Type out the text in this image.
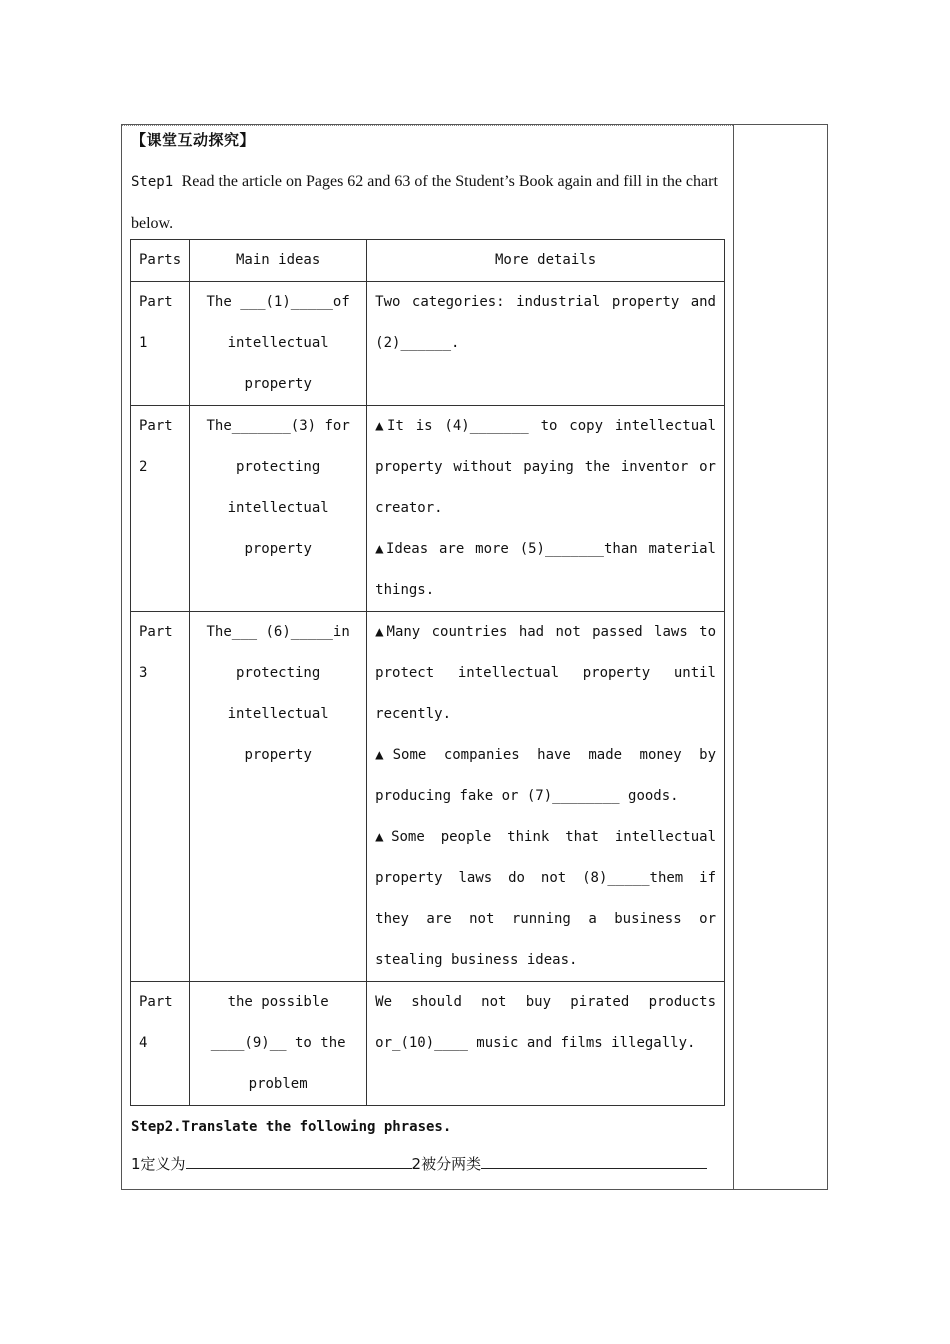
【课堂互动探究】
Step1 Read the article on Pages 62 and 63 of the Student’s Book again and fill in the chart below.
Parts	Main ideas	More details
Part 1	The ___(1)_____of intellectual property	Two categories: industrial property and (2)______.

Part 2	The_______(3) for protecting intellectual property	▲It is (4)_______ to copy intellectual property without paying the inventor or creator.

▲Ideas are more (5)_______than material things.

Part 3	The___ (6)_____in protecting intellectual property	▲Many countries had not passed laws to protect intellectual property until recently.

▲Some companies have made money by producing fake or (7)________ goods.

▲Some people think that intellectual property laws do not (8)_____them if they are not running a business or stealing business ideas.

Part 4	the possible ____(9)__ to the problem	We should not buy pirated products or_(10)____ music and films illegally.

Step2.Translate the following phrases.
1定义为	2被分两类
